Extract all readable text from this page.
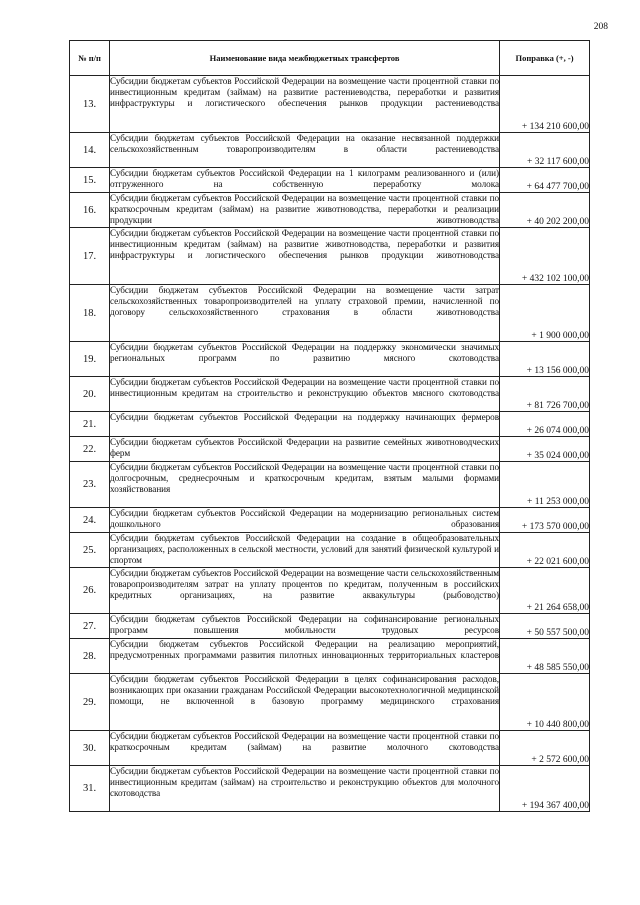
208
№ п/п	Наименование вида межбюджетных трансфертов	Поправка (+, -)
13.	Субсидии бюджетам субъектов Российской Федерации на возмещение части процентной ставки по инвестиционным кредитам (займам) на развитие растениеводства, переработки и развития инфраструктуры и логистического обеспечения рынков продукции растениеводства	+ 134 210 600,00
14.	Субсидии бюджетам субъектов Российской Федерации на оказание несвязанной поддержки сельскохозяйственным товаропроизводителям в области растениеводства	+ 32 117 600,00
15.	Субсидии бюджетам субъектов Российской Федерации на 1 килограмм реализованного и (или) отгруженного на собственную переработку молока	+ 64 477 700,00
16.	Субсидии бюджетам субъектов Российской Федерации на возмещение части процентной ставки по краткосрочным кредитам (займам) на развитие животноводства, переработки и реализации продукции животноводства	+ 40 202 200,00
17.	Субсидии бюджетам субъектов Российской Федерации на возмещение части процентной ставки по инвестиционным кредитам (займам) на развитие животноводства, переработки и развития инфраструктуры и логистического обеспечения рынков продукции животноводства	+ 432 102 100,00
18.	Субсидии бюджетам субъектов Российской Федерации на возмещение части затрат сельскохозяйственных товаропроизводителей на уплату страховой премии, начисленной по договору сельскохозяйственного страхования в области животноводства	+ 1 900 000,00
19.	Субсидии бюджетам субъектов Российской Федерации на поддержку экономически значимых региональных программ по развитию мясного скотоводства	+ 13 156 000,00
20.	Субсидии бюджетам субъектов Российской Федерации на возмещение части процентной ставки по инвестиционным кредитам на строительство и реконструкцию объектов мясного скотоводства	+ 81 726 700,00
21.	Субсидии бюджетам субъектов Российской Федерации на поддержку начинающих фермеров	+ 26 074 000,00
22.	Субсидии бюджетам субъектов Российской Федерации на развитие семейных животноводческих ферм	+ 35 024 000,00
23.	Субсидии бюджетам субъектов Российской Федерации на возмещение части процентной ставки по долгосрочным, среднесрочным и краткосрочным кредитам, взятым малыми формами хозяйствования	+ 11 253 000,00
24.	Субсидии бюджетам субъектов Российской Федерации на модернизацию региональных систем дошкольного образования	+ 173 570 000,00
25.	Субсидии бюджетам субъектов Российской Федерации на создание в общеобразовательных организациях, расположенных в сельской местности, условий для занятий физической культурой и спортом	+ 22 021 600,00
26.	Субсидии бюджетам субъектов Российской Федерации на возмещение части сельскохозяйственным товаропроизводителям затрат на уплату процентов по кредитам, полученным в российских кредитных организациях, на развитие аквакультуры (рыбоводство)	+ 21 264 658,00
27.	Субсидии бюджетам субъектов Российской Федерации на софинансирование региональных программ повышения мобильности трудовых ресурсов	+ 50 557 500,00
28.	Субсидии бюджетам субъектов Российской Федерации на реализацию мероприятий, предусмотренных программами развития пилотных инновационных территориальных кластеров	+ 48 585 550,00
29.	Субсидии бюджетам субъектов Российской Федерации в целях софинансирования расходов, возникающих при оказании гражданам Российской Федерации высокотехнологичной медицинской помощи, не включенной в базовую программу медицинского страхования	+ 10 440 800,00
30.	Субсидии бюджетам субъектов Российской Федерации на возмещение части процентной ставки по краткосрочным кредитам (займам) на развитие молочного скотоводства	+ 2 572 600,00
31.	Субсидии бюджетам субъектов Российской Федерации на возмещение части процентной ставки по инвестиционным кредитам (займам) на строительство и реконструкцию объектов для молочного скотоводства	+ 194 367 400,00
